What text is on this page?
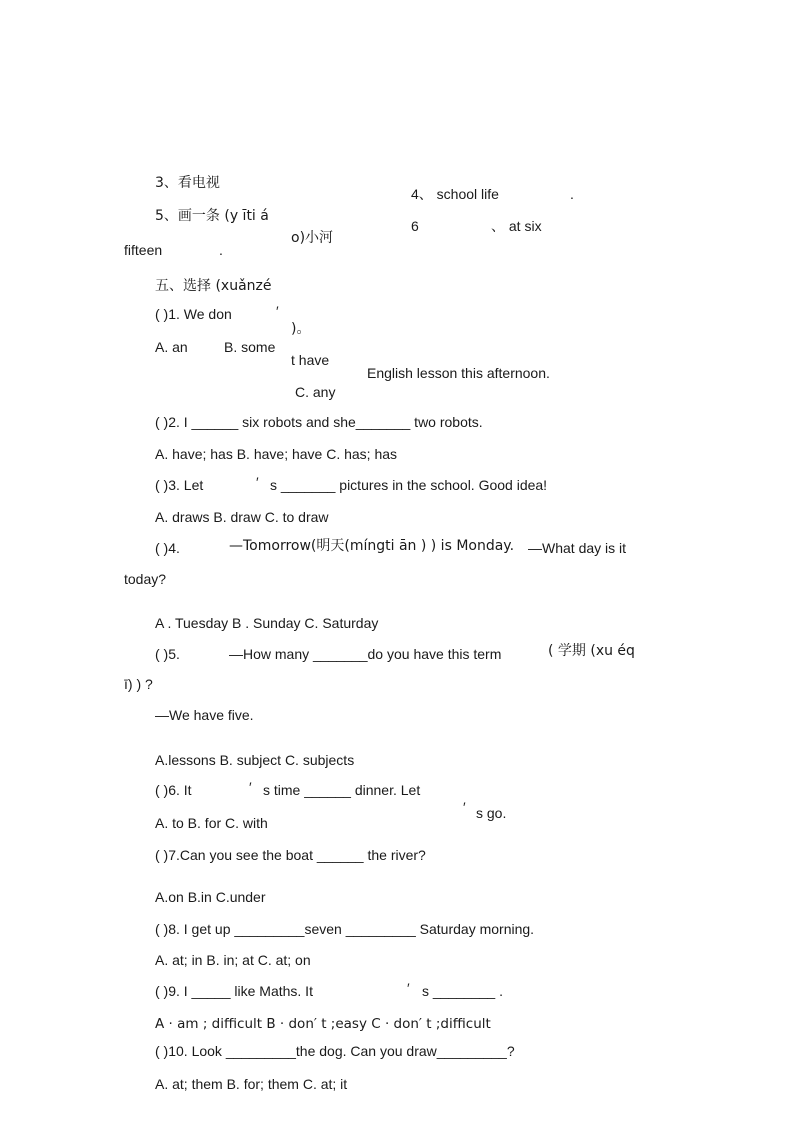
3、看电视
4、 school life	.
5、画一条 (y īti á
o)小河
6	、 at six
fifteen	.
五、选择 (xuǎnzé
)。
( )1. We don	′
t have
English lesson this afternoon.
A. an	B. some
C. any
( )2. I ______ six robots and she_______ two robots.
A. have; has B. have; have C. has; has
( )3. Let	′ s _______ pictures in the school. Good idea!
A. draws B. draw C. to draw
( )4.	—Tomorrow(明天(míngti ān ) ) is Monday. —What day is it
today?
A . Tuesday B . Sunday C. Saturday
( )5.	—How many _______do you have this term	( 学期 (xu éq
ī) ) ?
—We have five.
A.lessons B. subject C. subjects
( )6. It	′ s time ______ dinner. Let
′ s go.
A. to B. for C. with
( )7.Can you see the boat ______ the river?
A.on B.in C.under
( )8. I get up _________seven _________ Saturday morning.
A. at; in B. in; at C. at; on
( )9. I _____ like Maths. It	′ s ________ .
A · am ; difficult B · don′ t ;easy C · don′ t ;difficult
( )10. Look _________the dog. Can you draw_________?
A. at; them B. for; them C. at; it
